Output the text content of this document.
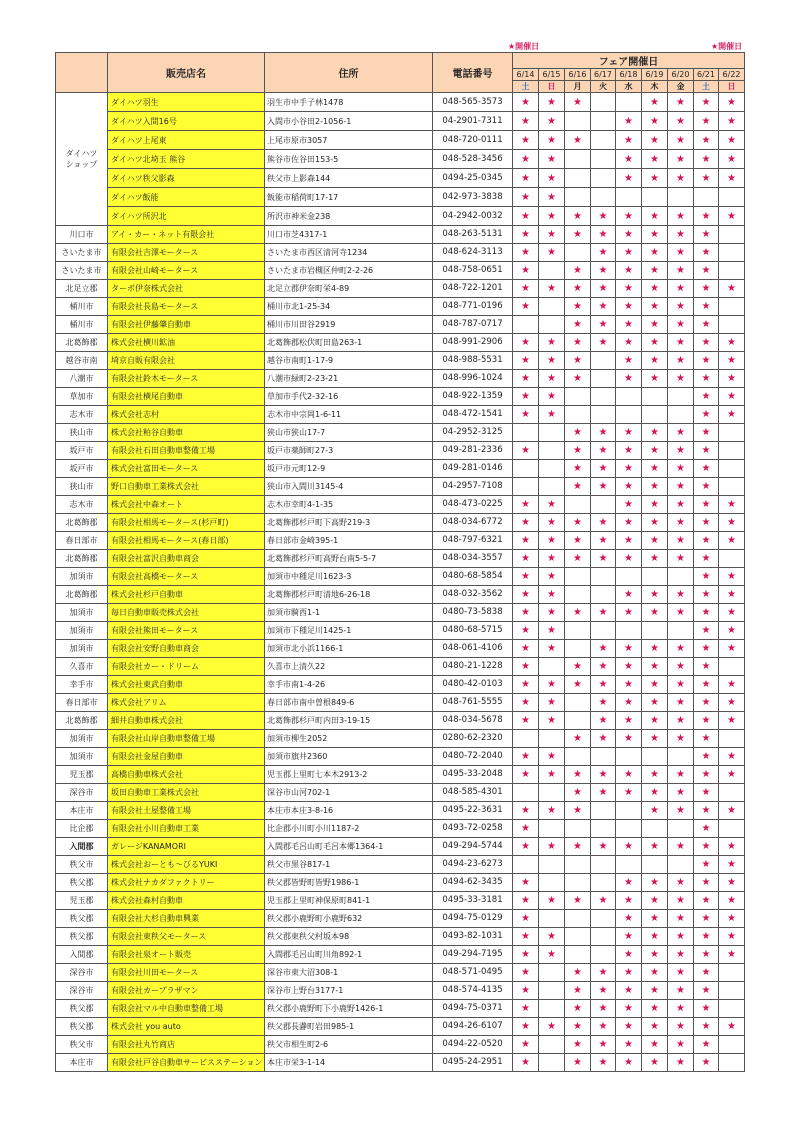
★開催日	★開催日
	販売店名	住所	電話番号	フェア開催日								
				6/14	6/15	6/16	6/17	6/18	6/19	6/20	6/21	6/22
				土	日	月	火	水	木	金	土	日
ダイハツ
ショップ	ダイハツ羽生	羽生市中手子林1478	048-565-3573	★	★	★			★	★	★	★
	ダイハツ入間16号	入間市小谷田2-1056-1	04-2901-7311	★	★			★	★	★	★	★
	ダイハツ上尾東	上尾市原市3057	048-720-0111	★	★	★		★	★	★	★	★
	ダイハツ北埼玉 熊谷	熊谷市佐谷田153-5	048-528-3456	★	★			★	★	★	★	★
	ダイハツ秩父影森	秩父市上影森144	0494-25-0345	★	★			★	★	★	★	★
	ダイハツ飯能	飯能市稲荷町17-17	042-973-3838	★	★							
	ダイハツ所沢北	所沢市神米金238	04-2942-0032	★	★	★	★	★	★	★	★	★
川口市	アイ・カー・ネット有限会社	川口市芝4317-1	048-263-5131	★	★	★	★	★	★	★	★	
さいたま市	有限会社吉澤モータース	さいたま市西区清河寺1234	048-624-3113	★	★		★	★	★	★	★	
さいたま市	有限会社山崎モータース	さいたま市岩槻区仲町2-2-26	048-758-0651	★		★	★	★	★	★	★	
北足立郡	ターボ伊奈株式会社	北足立郡伊奈町栄4-89	048-722-1201	★	★	★	★	★	★	★	★	★
桶川市	有限会社長島モータース	桶川市北1-25-34	048-771-0196	★		★	★	★	★	★	★	
桶川市	有限会社伊藤肇自動車	桶川市川田谷2919	048-787-0717			★	★	★	★	★	★	
北葛飾郡	株式会社横川鉱油	北葛飾郡松伏町田島263-1	048-991-2906	★	★	★	★	★	★	★	★	★
越谷市南	埼京自販有限会社	越谷市南町1-17-9	048-988-5531	★	★	★		★	★	★	★	★
八潮市	有限会社鈴木モータース	八潮市緑町2-23-21	048-996-1024	★	★	★		★	★	★	★	★
草加市	有限会社横尾自動車	草加市手代2-32-16	048-922-1359	★	★						★	★
志木市	株式会社志村	志木市中宗岡1-6-11	048-472-1541	★	★						★	★
狭山市	株式会社粕谷自動車	狭山市狭山17-7	04-2952-3125			★	★	★	★	★	★	
坂戸市	有限会社石田自動車整備工場	坂戸市薬師町27-3	049-281-2336	★		★	★	★	★	★	★	
坂戸市	株式会社富田モータース	坂戸市元町12-9	049-281-0146			★	★	★	★	★	★	
狭山市	野口自動車工業株式会社	狭山市入間川3145-4	04-2957-7108			★	★	★	★	★	★	
志木市	株式会社中森オート	志木市幸町4-1-35	048-473-0225	★	★			★	★	★	★	★
北葛飾郡	有限会社相馬モータース(杉戸町)	北葛飾郡杉戸町下高野219-3	048-034-6772	★	★	★	★	★	★	★	★	★
春日部市	有限会社相馬モータース(春日部)	春日部市金崎395-1	048-797-6321	★	★	★	★	★	★	★	★	★
北葛飾郡	有限会社富沢自動車商会	北葛飾郡杉戸町高野台南5-5-7	048-034-3557	★	★	★	★	★	★	★	★	
加須市	有限会社高橋モータース	加須市中種足川1623-3	0480-68-5854	★	★						★	★
北葛飾郡	株式会社杉戸自動車	北葛飾郡杉戸町清地6-26-18	048-032-3562	★	★			★	★	★	★	★
加須市	毎日自動車販売株式会社	加須市騎西1-1	0480-73-5838	★	★	★	★	★	★	★	★	★
加須市	有限会社熊田モータース	加須市下種足川1425-1	0480-68-5715	★	★						★	★
加須市	有限会社安野自動車商会	加須市北小浜1166-1	048-061-4106	★	★		★	★	★	★	★	★
久喜市	有限会社カー・ドリーム	久喜市上清久22	0480-21-1228	★		★	★	★	★	★	★	
幸手市	株式会社東武自動車	幸手市南1-4-26	0480-42-0103	★	★	★	★	★	★	★	★	★
春日部市	株式会社アリム	春日部市南中曽根849-6	048-761-5555	★	★		★	★	★	★	★	★
北葛飾郡	細井自動車株式会社	北葛飾郡杉戸町内田3-19-15	048-034-5678	★	★		★	★	★	★	★	★
加須市	有限会社山岸自動車整備工場	加須市柳生2052	0280-62-2320			★	★	★	★	★	★	
加須市	有限会社金屋自動車	加須市旗井2360	0480-72-2040	★	★						★	★
児玉郡	高橋自動車株式会社	児玉郡上里町七本木2913-2	0495-33-2048	★	★	★	★	★	★	★	★	★
深谷市	坂田自動車工業株式会社	深谷市山河702-1	048-585-4301			★	★	★	★	★	★	
本庄市	有限会社土屋整備工場	本庄市本庄3-8-16	0495-22-3631	★	★	★			★	★	★	★
比企郡	有限会社小川自動車工業	比企郡小川町小川1187-2	0493-72-0258	★							★	
入間郡	ガレージKANAMORI	入間郡毛呂山町毛呂本郷1364-1	049-294-5744	★	★	★	★	★	★	★	★	★
秩父市	株式会社おーとも～びるYUKI	秩父市黒谷817-1	0494-23-6273								★	★
秩父郡	株式会社ナカダファクトリー	秩父郡皆野町皆野1986-1	0494-62-3435	★				★	★	★	★	★
児玉郡	株式会社森村自動車	児玉郡上里町神保原町841-1	0495-33-3181	★	★	★	★	★	★	★	★	★
秩父郡	有限会社大杉自動車興業	秩父郡小鹿野町小鹿野632	0494-75-0129	★				★	★	★	★	★
秩父郡	有限会社東秩父モータース	秩父郡東秩父村坂本98	0493-82-1031	★	★			★	★	★	★	★
入間郡	有限会社泉オート販売	入間郡毛呂山町川角892-1	049-294-7195	★	★			★	★	★	★	★
深谷市	有限会社川田モータース	深谷市東大沼308-1	048-571-0495	★		★	★	★	★	★	★	
深谷市	有限会社カープラザマン	深谷市上野台3177-1	048-574-4135	★		★	★	★	★	★	★	
秩父郡	有限会社マル中自動車整備工場	秩父郡小鹿野町下小鹿野1426-1	0494-75-0371	★		★	★	★	★	★	★	
秩父郡	株式会社 you auto	秩父郡長瀞町岩田985-1	0494-26-6107	★	★	★	★	★	★	★	★	★
秩父市	有限会社丸竹商店	秩父市相生町2-6	0494-22-0520	★		★	★	★	★	★	★	
本庄市	有限会社戸谷自動車サービスステーション	本庄市栄3-1-14	0495-24-2951	★		★	★	★	★	★	★	
